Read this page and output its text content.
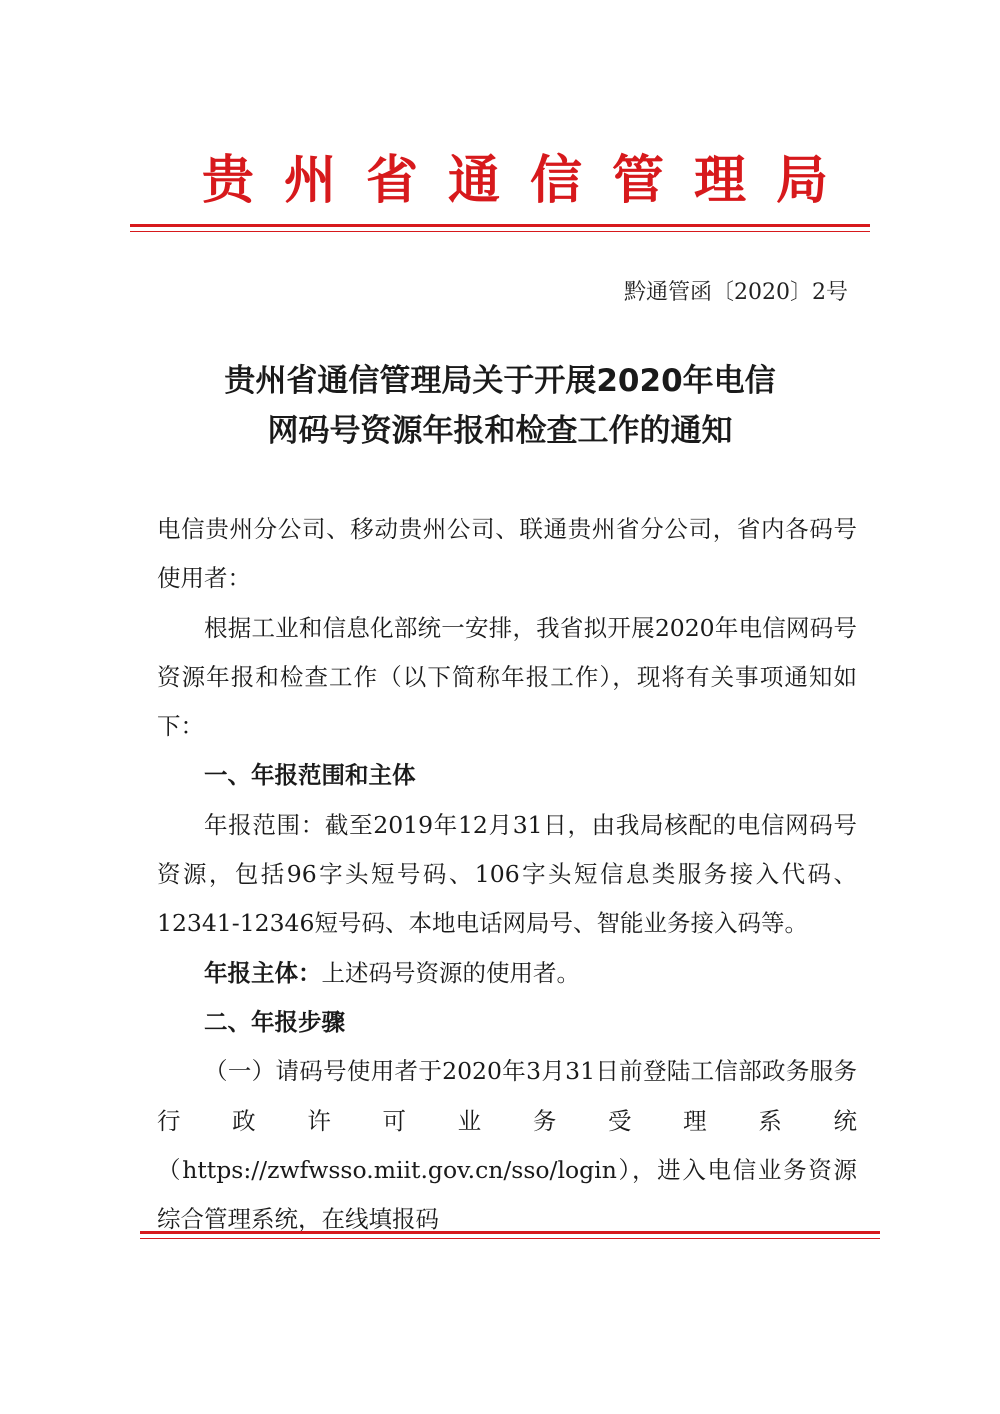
贵州省通信管理局
黔通管函〔2020〕2号
贵州省通信管理局关于开展2020年电信
网码号资源年报和检查工作的通知

电信贵州分公司、移动贵州公司、联通贵州省分公司，省内各码号使用者：

根据工业和信息化部统一安排，我省拟开展2020年电信网码号资源年报和检查工作（以下简称年报工作），现将有关事项通知如下：

一、年报范围和主体

年报范围：截至2019年12月31日，由我局核配的电信网码号资源，包括96字头短号码、106字头短信息类服务接入代码、12341-12346短号码、本地电话网局号、智能业务接入码等。

年报主体：上述码号资源的使用者。

二、年报步骤

（一）请码号使用者于2020年3月31日前登陆工信部政务服务行政许可业务受理系统（https://zwfwsso.miit.gov.cn/sso/login），进入电信业务资源综合管理系统，在线填报码
